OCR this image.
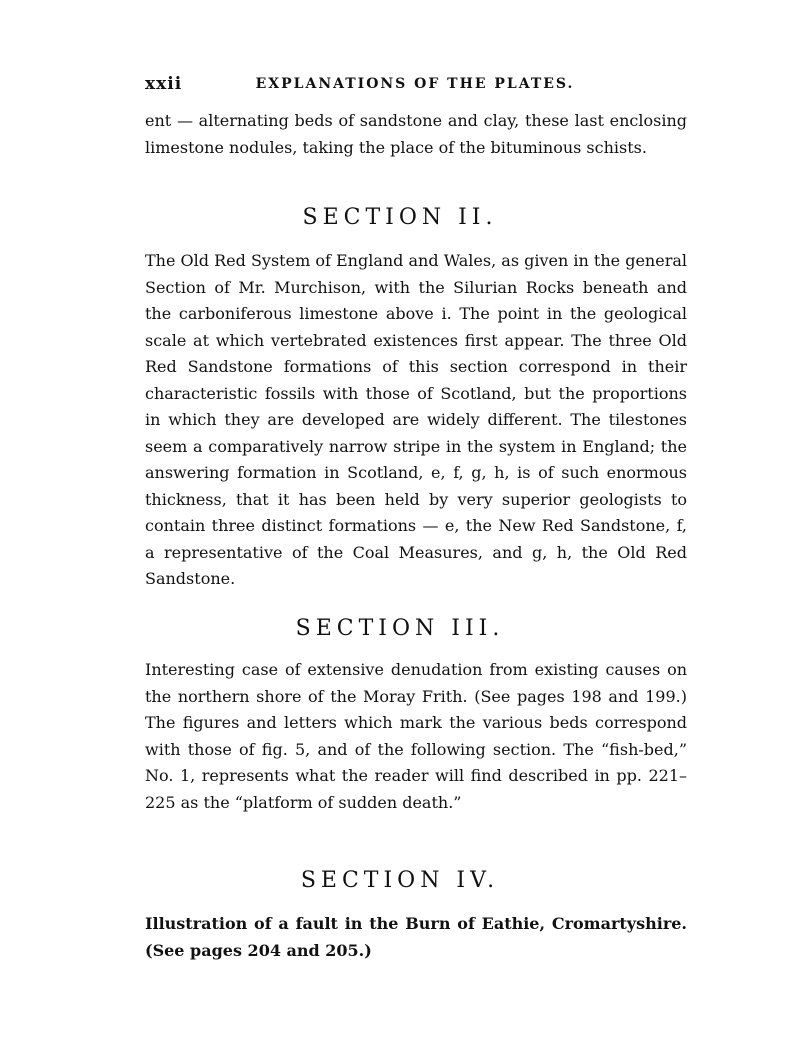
xxii	EXPLANATIONS OF THE PLATES.

ent — alternating beds of sandstone and clay, these last enclosing limestone nodules, taking the place of the bituminous schists.

SECTION II.

The Old Red System of England and Wales, as given in the general Section of Mr. Murchison, with the Silurian Rocks beneath and the carboniferous limestone above i. The point in the geological scale at which vertebrated existences first appear. The three Old Red Sandstone formations of this section correspond in their characteristic fossils with those of Scotland, but the proportions in which they are developed are widely different. The tilestones seem a comparatively narrow stripe in the system in England; the answering formation in Scotland, e, f, g, h, is of such enormous thickness, that it has been held by very superior geologists to contain three distinct formations — e, the New Red Sandstone, f, a representative of the Coal Measures, and g, h, the Old Red Sandstone.

SECTION III.

Interesting case of extensive denudation from existing causes on the northern shore of the Moray Frith. (See pages 198 and 199.) The figures and letters which mark the various beds correspond with those of fig. 5, and of the following section. The “fish-bed,” No. 1, represents what the reader will find described in pp. 221–225 as the “platform of sudden death.”

SECTION IV.

Illustration of a fault in the Burn of Eathie, Cromartyshire. (See pages 204 and 205.)
